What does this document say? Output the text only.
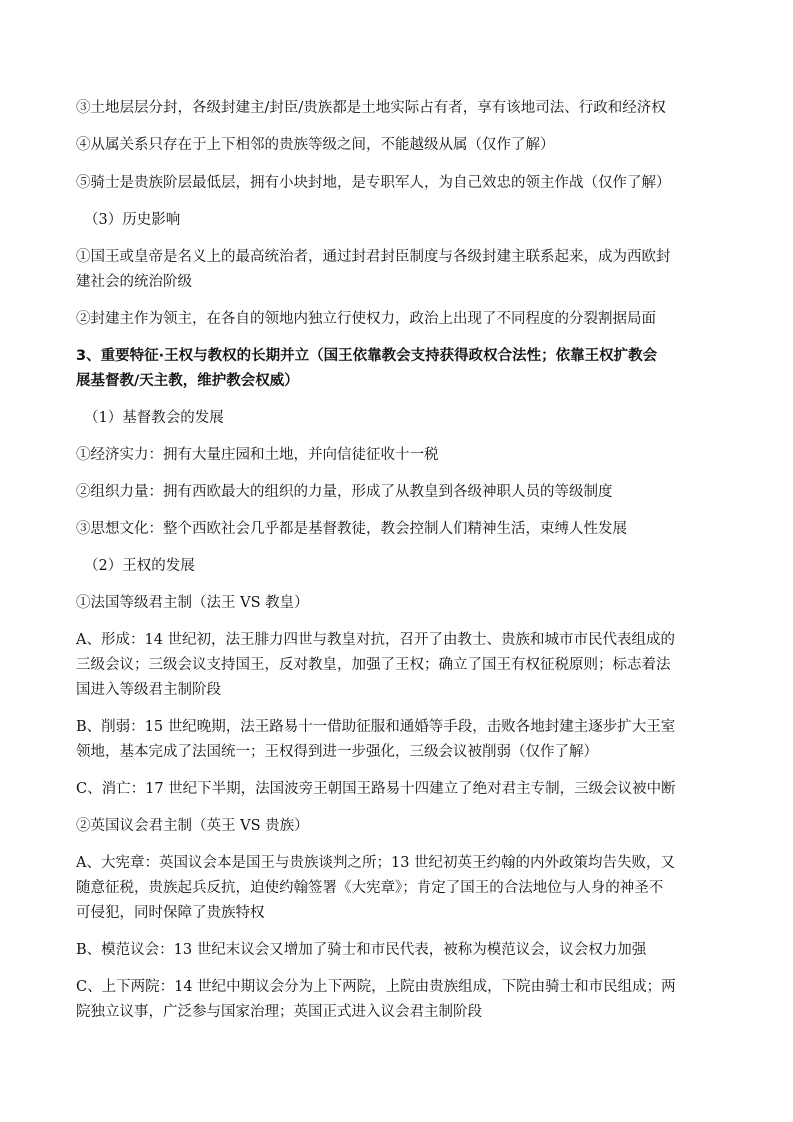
③土地层层分封，各级封建主/封臣/贵族都是土地实际占有者，享有该地司法、行政和经济权
④从属关系只存在于上下相邻的贵族等级之间，不能越级从属（仅作了解）
⑤骑士是贵族阶层最低层，拥有小块封地，是专职军人，为自己效忠的领主作战（仅作了解）
（3）历史影响
①国王或皇帝是名义上的最高统治者，通过封君封臣制度与各级封建主联系起来，成为西欧封
建社会的统治阶级
②封建主作为领主，在各自的领地内独立行使权力，政治上出现了不同程度的分裂割据局面
3、重要特征·王权与教权的长期并立（国王依靠教会支持获得政权合法性；依靠王权扩教会
展基督教/天主教，维护教会权威）
（1）基督教会的发展
①经济实力：拥有大量庄园和土地，并向信徒征收十一税
②组织力量：拥有西欧最大的组织的力量，形成了从教皇到各级神职人员的等级制度
③思想文化：整个西欧社会几乎都是基督教徒，教会控制人们精神生活，束缚人性发展
（2）王权的发展
①法国等级君主制（法王 VS 教皇）
A、形成：14 世纪初，法王腓力四世与教皇对抗，召开了由教士、贵族和城市市民代表组成的
三级会议；三级会议支持国王，反对教皇，加强了王权；确立了国王有权征税原则；标志着法
国进入等级君主制阶段
B、削弱：15 世纪晚期，法王路易十一借助征服和通婚等手段，击败各地封建主逐步扩大王室
领地，基本完成了法国统一；王权得到进一步强化，三级会议被削弱（仅作了解）
C、消亡：17 世纪下半期，法国波旁王朝国王路易十四建立了绝对君主专制，三级会议被中断
②英国议会君主制（英王 VS 贵族）
A、大宪章：英国议会本是国王与贵族谈判之所；13 世纪初英王约翰的内外政策均告失败，又
随意征税，贵族起兵反抗，迫使约翰签署《大宪章》；肯定了国王的合法地位与人身的神圣不
可侵犯，同时保障了贵族特权
B、模范议会：13 世纪末议会又增加了骑士和市民代表，被称为模范议会，议会权力加强
C、上下两院：14 世纪中期议会分为上下两院，上院由贵族组成，下院由骑士和市民组成；两
院独立议事，广泛参与国家治理；英国正式进入议会君主制阶段
